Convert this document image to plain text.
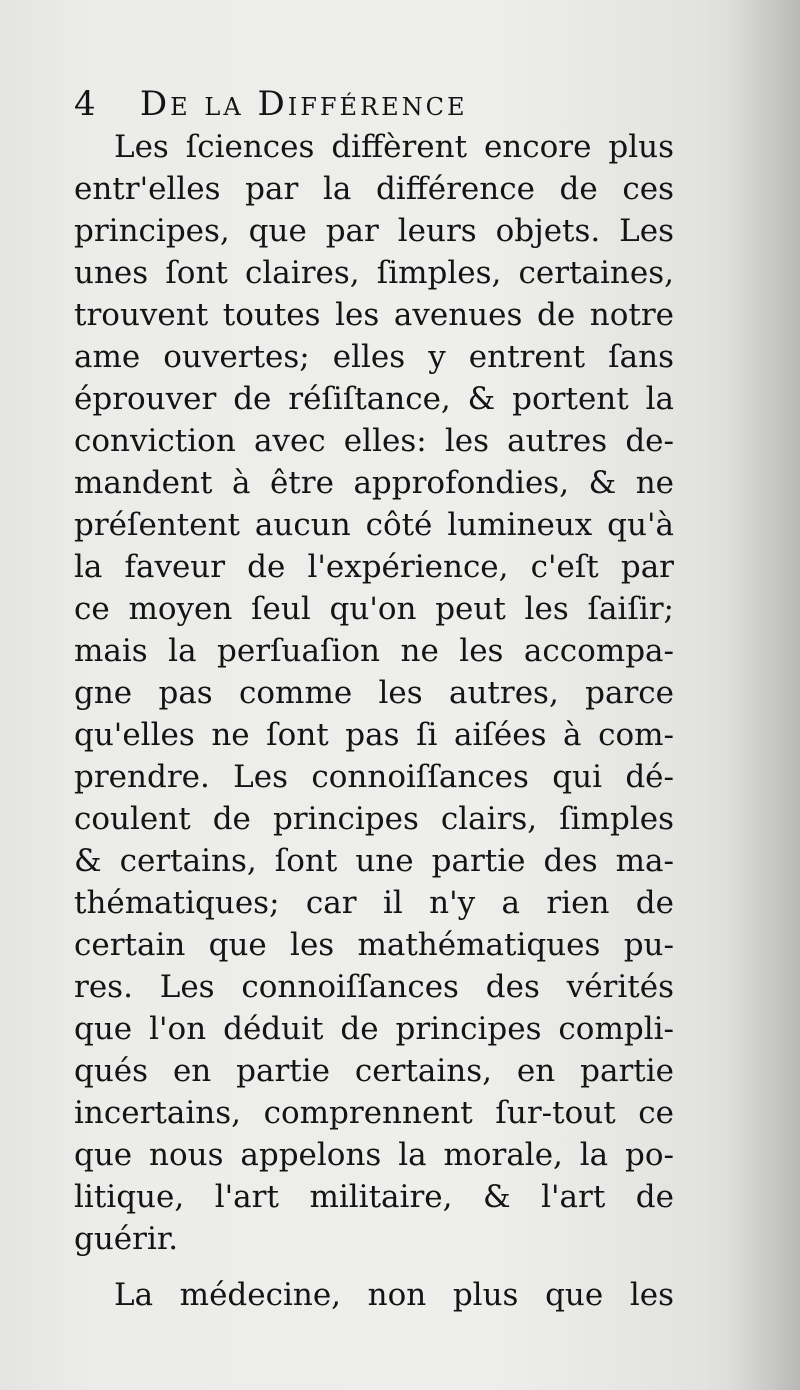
4 De la Différence
Les ſciences diffèrent encore plus
entr'elles par la différence de ces
principes, que par leurs objets. Les
unes ſont claires, ſimples, certaines,
trouvent toutes les avenues de notre
ame ouvertes; elles y entrent ſans
éprouver de réſiſtance, & portent la
conviction avec elles: les autres de-
mandent à être approfondies, & ne
préſentent aucun côté lumineux qu'à
la faveur de l'expérience, c'eſt par
ce moyen ſeul qu'on peut les ſaiſir;
mais la perſuaſion ne les accompa-
gne pas comme les autres, parce
qu'elles ne ſont pas ſi aiſées à com-
prendre. Les connoiſſances qui dé-
coulent de principes clairs, ſimples
& certains, ſont une partie des ma-
thématiques; car il n'y a rien de
certain que les mathématiques pu-
res. Les connoiſſances des vérités
que l'on déduit de principes compli-
qués en partie certains, en partie
incertains, comprennent ſur-tout ce
que nous appelons la morale, la po-
litique, l'art militaire, & l'art de
guérir.
La médecine, non plus que les
